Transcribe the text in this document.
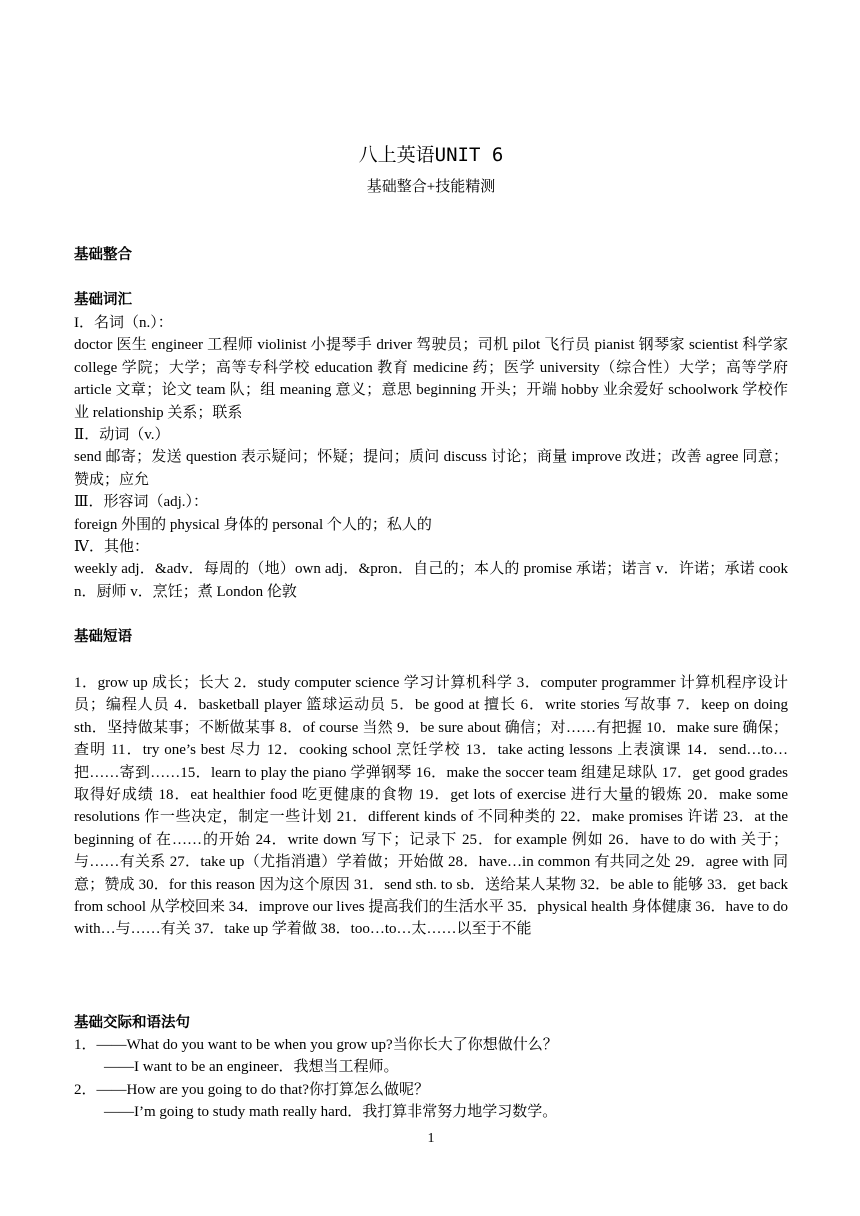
八上英语UNIT 6
基础整合+技能精测
基础整合
基础词汇

I．名词（n.）：

doctor 医生 engineer 工程师 violinist 小提琴手 driver 驾驶员；司机 pilot 飞行员 pianist 钢琴家 scientist 科学家 college 学院；大学；高等专科学校 education 教育 medicine 药；医学 university（综合性）大学；高等学府 article 文章；论文 team 队；组 meaning 意义；意思 beginning 开头；开端 hobby 业余爱好 schoolwork 学校作业 relationship 关系；联系

Ⅱ．动词（v.）

send 邮寄；发送 question 表示疑问；怀疑；提问；质问 discuss 讨论；商量 improve 改进；改善 agree 同意；赞成；应允

Ⅲ．形容词（adj.）：

foreign 外围的 physical 身体的 personal 个人的；私人的

Ⅳ．其他：

weekly adj．&adv．每周的（地）own adj．&pron．自己的；本人的 promise 承诺；诺言 v．许诺；承诺 cook　n．厨师 v．烹饪；煮 London 伦敦

基础短语

1．grow up 成长；长大 2．study computer science 学习计算机科学 3．computer programmer 计算机程序设计员；编程人员 4．basketball player 篮球运动员 5．be good at 擅长 6．write stories 写故事 7．keep on doing sth．坚持做某事；不断做某事 8．of course 当然 9．be sure about 确信；对……有把握 10．make sure 确保；查明 11．try one’s best 尽力 12．cooking school 烹饪学校 13．take acting lessons 上表演课 14．send…to…把……寄到……15．learn to play the piano 学弹钢琴 16．make the soccer team 组建足球队 17．get good grades 取得好成绩 18．eat healthier food 吃更健康的食物 19．get lots of exercise 进行大量的锻炼 20．make some resolutions 作一些决定，制定一些计划 21．different kinds of 不同种类的 22．make promises 许诺 23．at the beginning of 在……的开始 24．write down 写下；记录下 25．for example 例如 26．have to do with 关于；与……有关系 27．take up（尤指消遣）学着做；开始做 28．have…in common 有共同之处 29．agree with 同意；赞成 30．for this reason 因为这个原因 31．send sth. to sb．送给某人某物 32．be able to 能够 33．get back from school 从学校回来 34．improve our lives 提高我们的生活水平 35．physical health 身体健康 36．have to do with…与……有关 37．take up 学着做 38．too…to…太……以至于不能

基础交际和语法句

1．——What do you want to be when you grow up?当你长大了你想做什么？

——I want to be an engineer．我想当工程师。

2．——How are you going to do that?你打算怎么做呢？

——I’m going to study math really hard．我打算非常努力地学习数学。

1
